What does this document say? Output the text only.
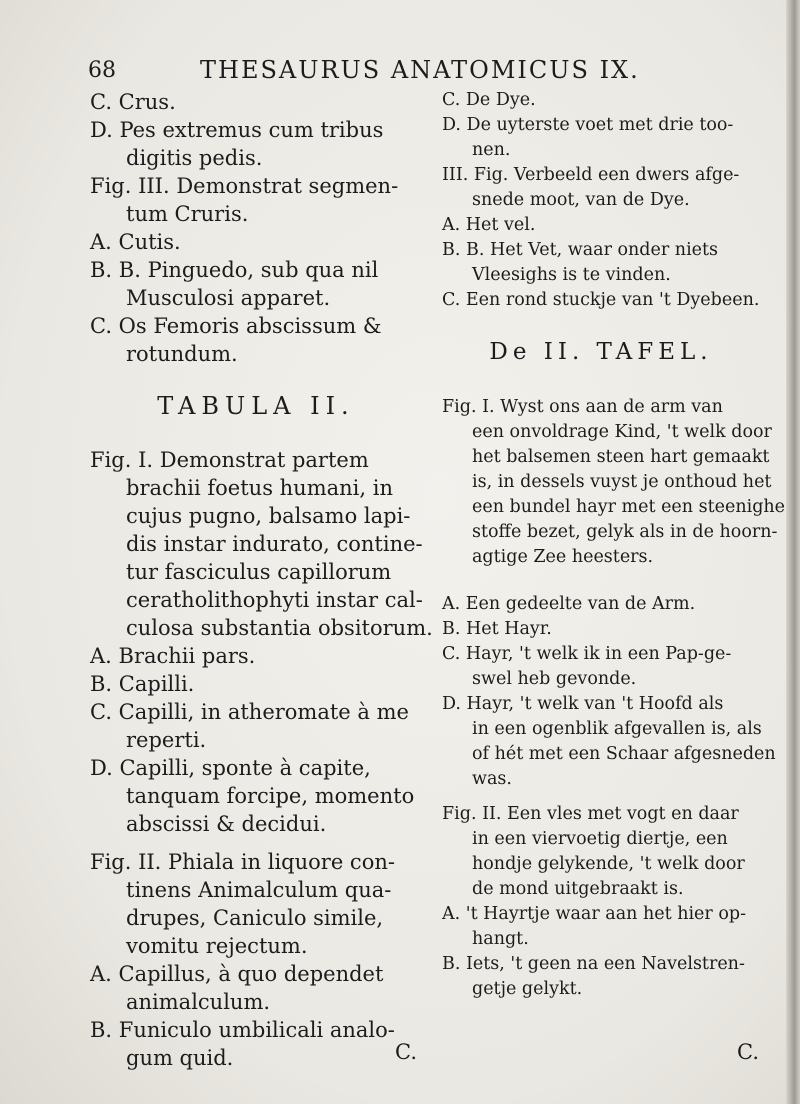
68	THESAURUS ANATOMICUS IX.
C. Crus.
D. Pes extremus cum tribus
digitis pedis.
Fig. III. Demonstrat segmen-
tum Cruris.
A. Cutis.
B. B. Pinguedo, sub qua nil
Musculosi apparet.
C. Os Femoris abscissum &
rotundum.
TABULA II.
Fig. I. Demonstrat partem
brachii foetus humani, in
cujus pugno, balsamo lapi-
dis instar indurato, contine-
tur fasciculus capillorum
ceratholithophyti instar cal-
culosa substantia obsitorum.
A. Brachii pars.
B. Capilli.
C. Capilli, in atheromate à me
reperti.
D. Capilli, sponte à capite,
tanquam forcipe, momento
abscissi & decidui.
Fig. II. Phiala in liquore con-
tinens Animalculum qua-
drupes, Caniculo simile,
vomitu rejectum.
A. Capillus, à quo dependet
animalculum.
B. Funiculo umbilicali analo-
gum quid.
C. De Dye.
D. De uyterste voet met drie too-
nen.
III. Fig. Verbeeld een dwers afge-
snede moot, van de Dye.
A. Het vel.
B. B. Het Vet, waar onder niets
Vleesighs is te vinden.
C. Een rond stuckje van 't Dyebeen.
De II. TAFEL.
Fig. I. Wyst ons aan de arm van
een onvoldrage Kind, 't welk door
het balsemen steen hart gemaakt
is, in dessels vuyst je onthoud het
een bundel hayr met een steenighe
stoffe bezet, gelyk als in de hoorn-
agtige Zee heesters.
A. Een gedeelte van de Arm.
B. Het Hayr.
C. Hayr, 't welk ik in een Pap-ge-
swel heb gevonde.
D. Hayr, 't welk van 't Hoofd als
in een ogenblik afgevallen is, als
of hét met een Schaar afgesneden
was.
Fig. II. Een vles met vogt en daar
in een viervoetig diertje, een
hondje gelykende, 't welk door
de mond uitgebraakt is.
A. 't Hayrtje waar aan het hier op-
hangt.
B. Iets, 't geen na een Navelstren-
getje gelykt.
C.	C.
